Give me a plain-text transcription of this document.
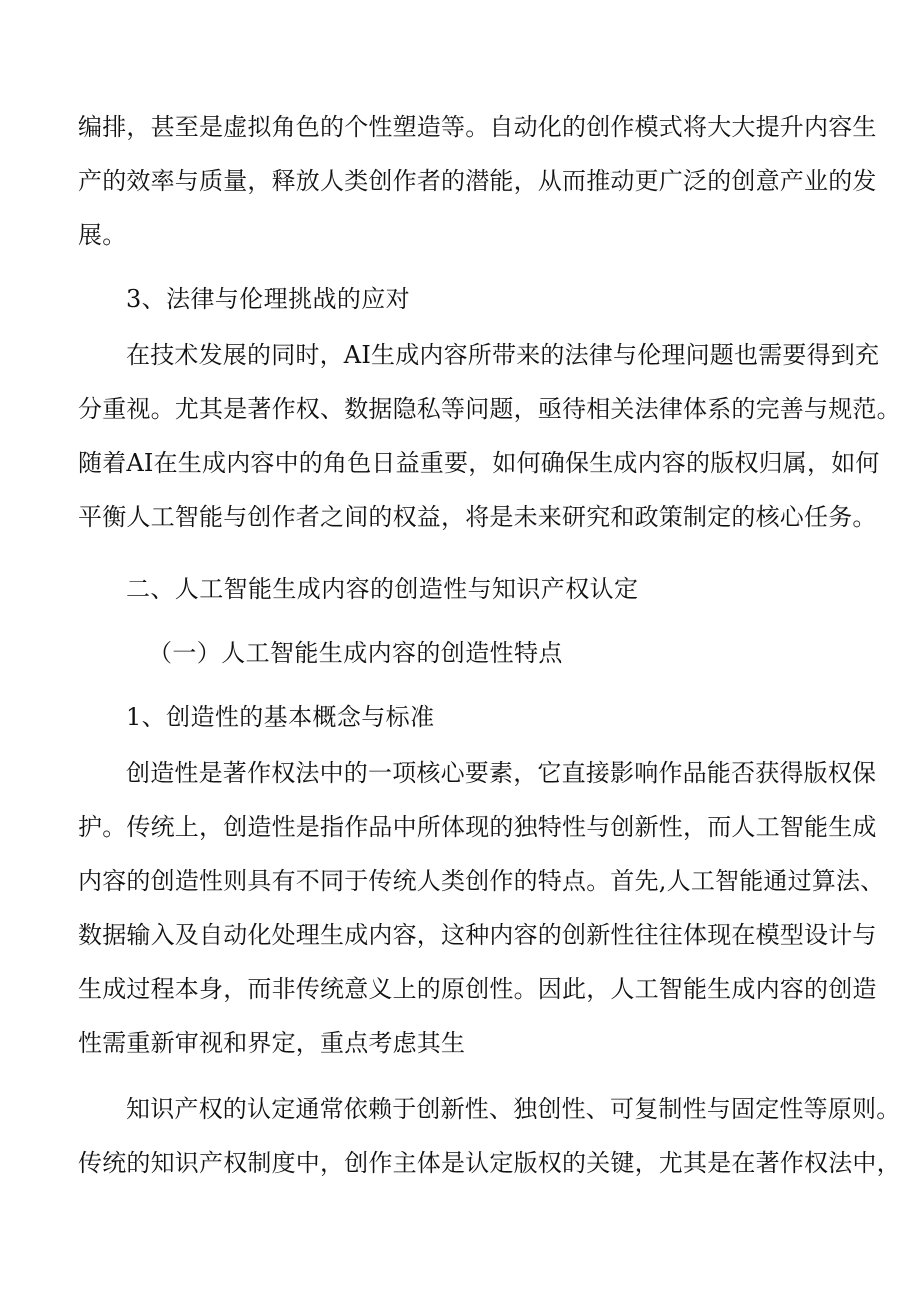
编排，甚至是虚拟角色的个性塑造等。自动化的创作模式将大大提升内容生
产的效率与质量，释放人类创作者的潜能，从而推动更广泛的创意产业的发
展。
3、法律与伦理挑战的应对
在技术发展的同时，AI生成内容所带来的法律与伦理问题也需要得到充
分重视。尤其是著作权、数据隐私等问题，亟待相关法律体系的完善与规范。
随着AI在生成内容中的角色日益重要，如何确保生成内容的版权归属，如何
平衡人工智能与创作者之间的权益，将是未来研究和政策制定的核心任务。
二、人工智能生成内容的创造性与知识产权认定
（一）人工智能生成内容的创造性特点
1、创造性的基本概念与标准
创造性是著作权法中的一项核心要素，它直接影响作品能否获得版权保
护。传统上，创造性是指作品中所体现的独特性与创新性，而人工智能生成
内容的创造性则具有不同于传统人类创作的特点。首先,人工智能通过算法、
数据输入及自动化处理生成内容，这种内容的创新性往往体现在模型设计与
生成过程本身，而非传统意义上的原创性。因此，人工智能生成内容的创造
性需重新审视和界定，重点考虑其生
知识产权的认定通常依赖于创新性、独创性、可复制性与固定性等原则。
传统的知识产权制度中，创作主体是认定版权的关键，尤其是在著作权法中，
